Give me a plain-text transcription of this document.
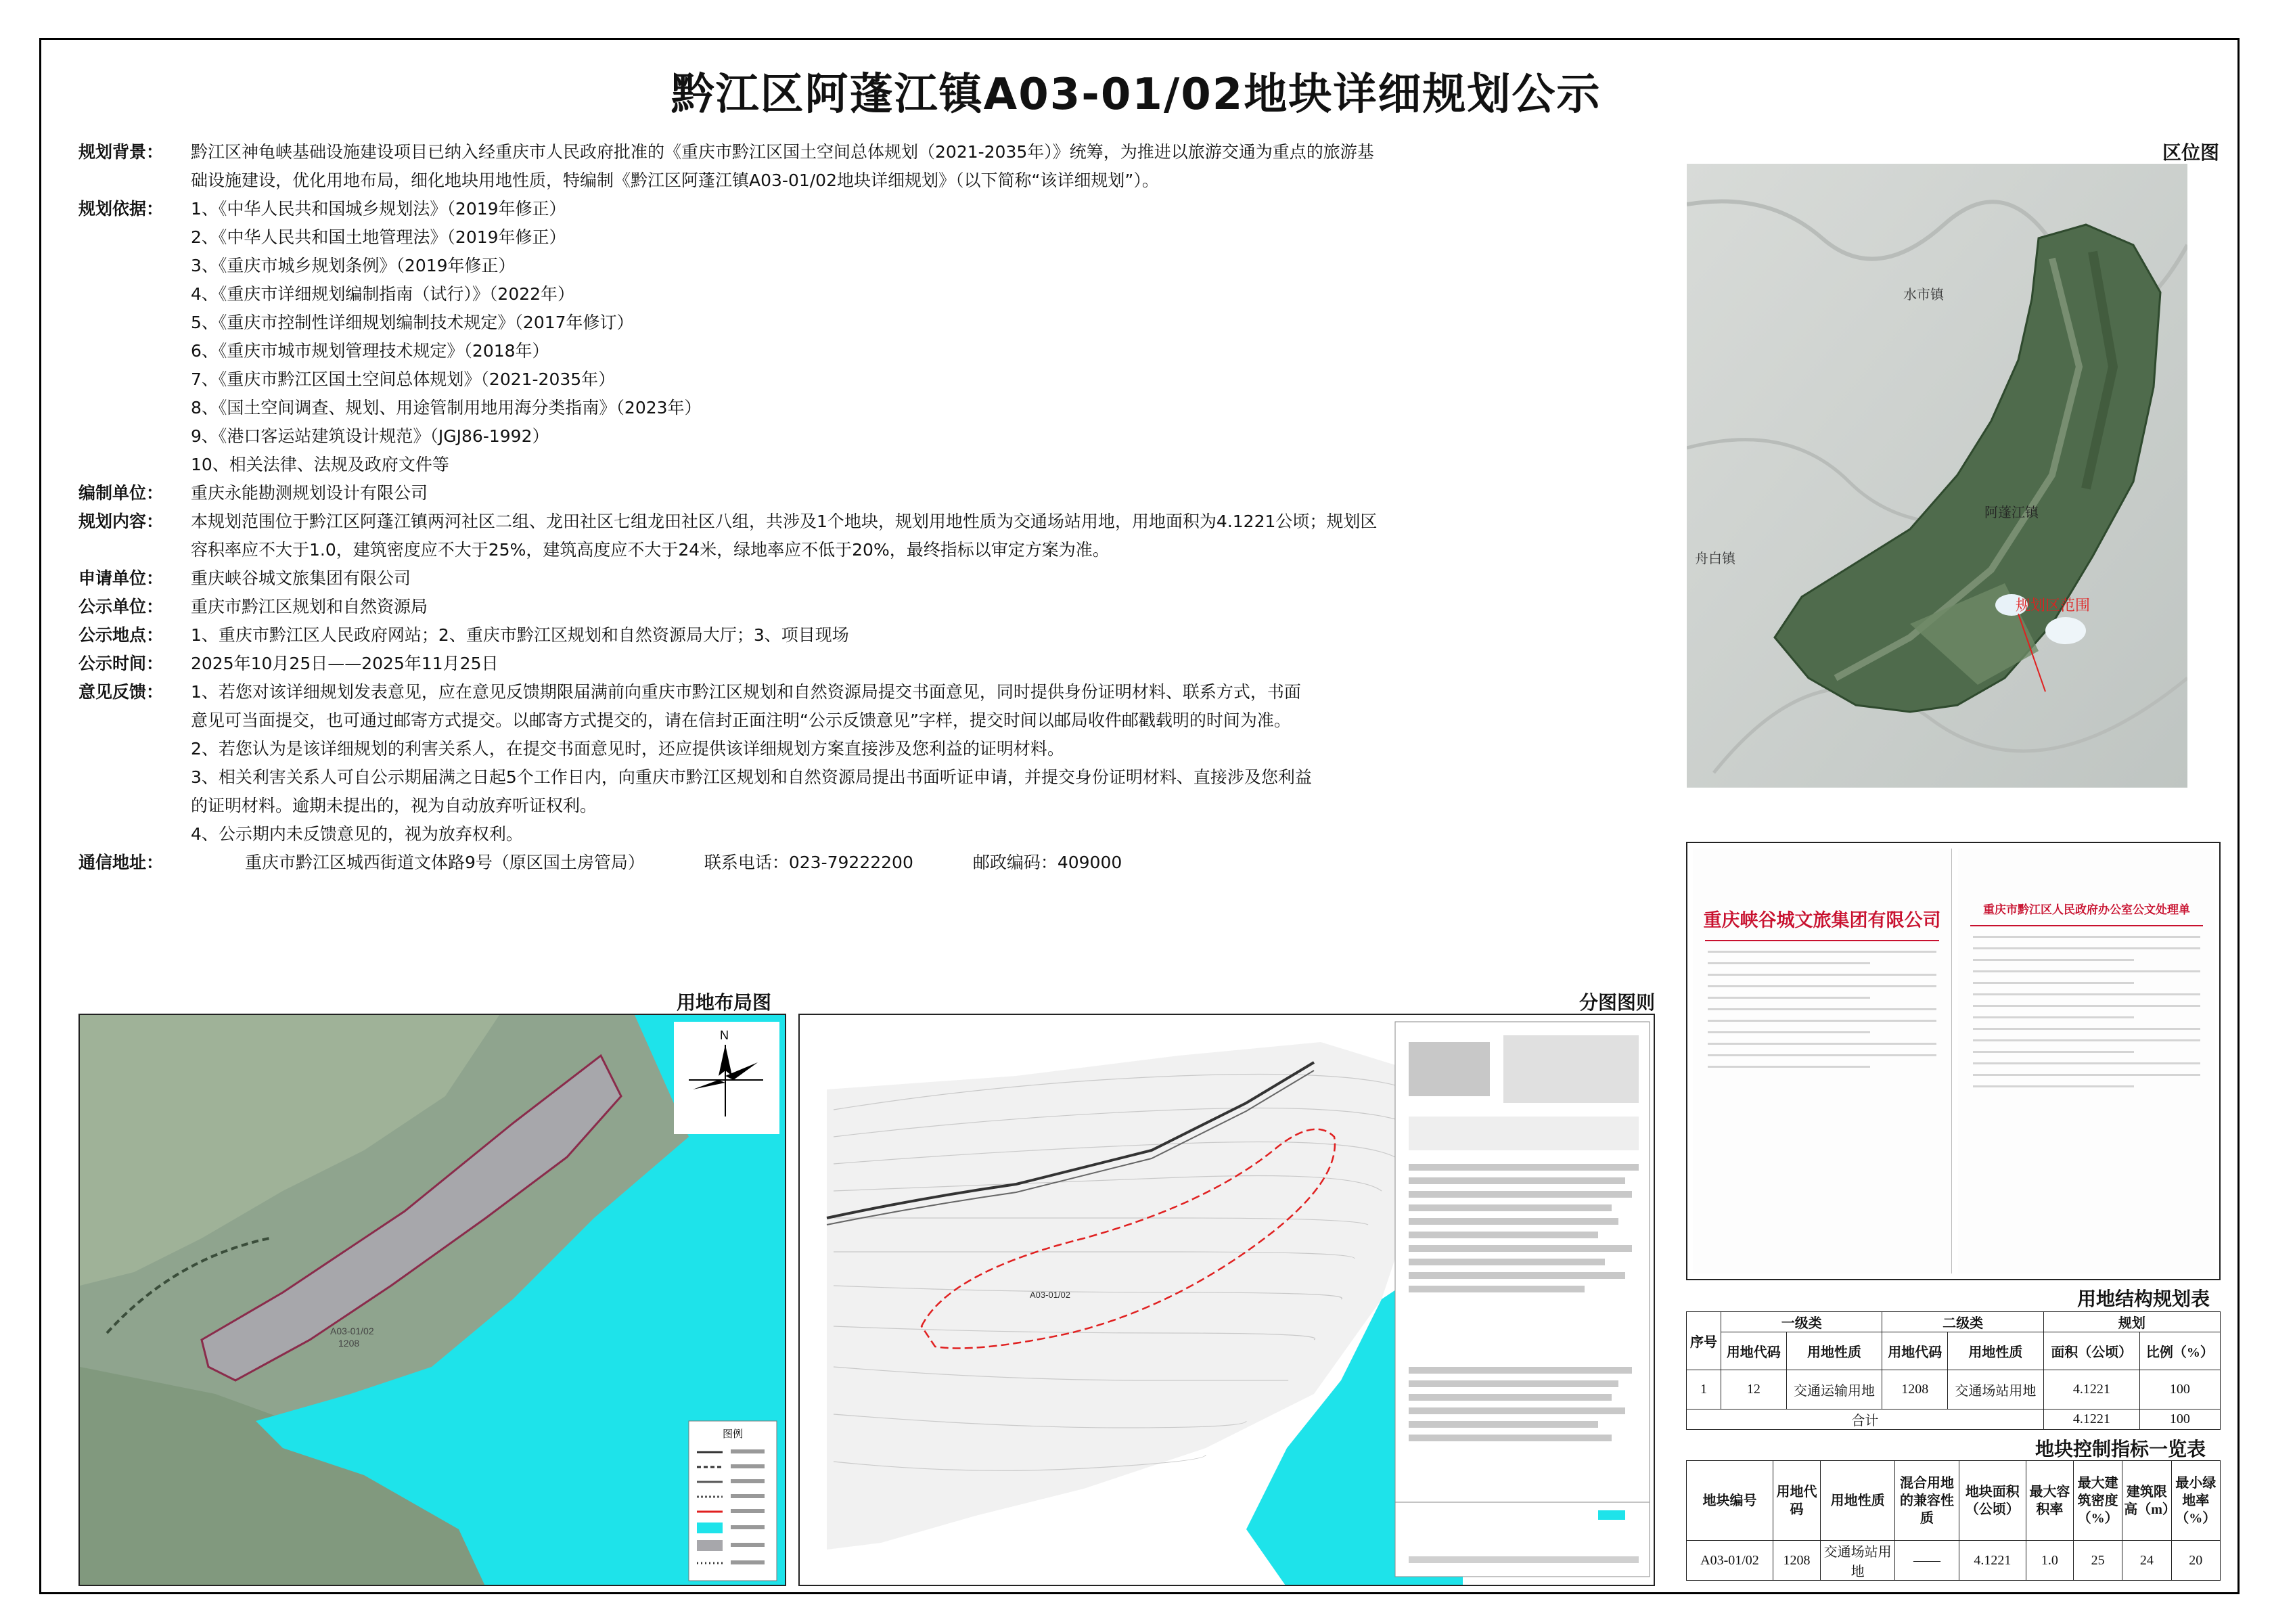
黔江区阿蓬江镇A03-01/02地块详细规划公示
规划背景：	黔江区神龟峡基础设施建设项目已纳入经重庆市人民政府批准的《重庆市黔江区国土空间总体规划（2021-2035年）》统筹，为推进以旅游交通为重点的旅游基
础设施建设，优化用地布局，细化地块用地性质，特编制《黔江区阿蓬江镇A03-01/02地块详细规划》（以下简称“该详细规划”）。
规划依据：	1、《中华人民共和国城乡规划法》（2019年修正）
2、《中华人民共和国土地管理法》（2019年修正）
3、《重庆市城乡规划条例》（2019年修正）
4、《重庆市详细规划编制指南（试行）》（2022年）
5、《重庆市控制性详细规划编制技术规定》（2017年修订）
6、《重庆市城市规划管理技术规定》（2018年）
7、《重庆市黔江区国土空间总体规划》（2021-2035年）
8、《国土空间调查、规划、用途管制用地用海分类指南》（2023年）
9、《港口客运站建筑设计规范》（JGJ86-1992）
10、相关法律、法规及政府文件等
编制单位：	重庆永能勘测规划设计有限公司
规划内容：	本规划范围位于黔江区阿蓬江镇两河社区二组、龙田社区七组龙田社区八组，共涉及1个地块，规划用地性质为交通场站用地，用地面积为4.1221公顷；规划区
容积率应不大于1.0，建筑密度应不大于25%，建筑高度应不大于24米，绿地率应不低于20%，最终指标以审定方案为准。
申请单位：	重庆峡谷城文旅集团有限公司
公示单位：	重庆市黔江区规划和自然资源局
公示地点：	1、重庆市黔江区人民政府网站；2、重庆市黔江区规划和自然资源局大厅；3、项目现场
公示时间：	2025年10月25日——2025年11月25日
意见反馈：	1、若您对该详细规划发表意见，应在意见反馈期限届满前向重庆市黔江区规划和自然资源局提交书面意见，同时提供身份证明材料、联系方式，书面
意见可当面提交，也可通过邮寄方式提交。以邮寄方式提交的，请在信封正面注明“公示反馈意见”字样，提交时间以邮局收件邮戳载明的时间为准。
2、若您认为是该详细规划的利害关系人，在提交书面意见时，还应提供该详细规划方案直接涉及您利益的证明材料。
3、相关利害关系人可自公示期届满之日起5个工作日内，向重庆市黔江区规划和自然资源局提出书面听证申请，并提交身份证明材料、直接涉及您利益
的证明材料。逾期未提出的，视为自动放弃听证权利。
4、公示期内未反馈意见的，视为放弃权利。
通信地址：	重庆市黔江区城西街道文体路9号（原区国土房管局）	联系电话：023-79222200	邮政编码：409000
区位图
水市镇
阿蓬江镇
舟白镇
规划区范围
用地布局图
A03-01/02
1208
N
图例
分图图则
A03-01/02
重庆峡谷城文旅集团有限公司	重庆市黔江区人民政府办公室公文处理单
用地结构规划表
序号	一级类		二级类		规划	
	用地代码	用地性质	用地代码	用地性质	面积（公顷）	比例（%）
1	12	交通运输用地	1208	交通场站用地	4.1221	100
合计					4.1221	100
地块控制指标一览表
地块编号	用地代码	用地性质	混合用地的兼容性质	地块面积（公顷）	最大容积率	最大建筑密度（%）	建筑限高（m）	最小绿地率（%）
A03-01/02	1208	交通场站用地	——	4.1221	1.0	25	24	20
